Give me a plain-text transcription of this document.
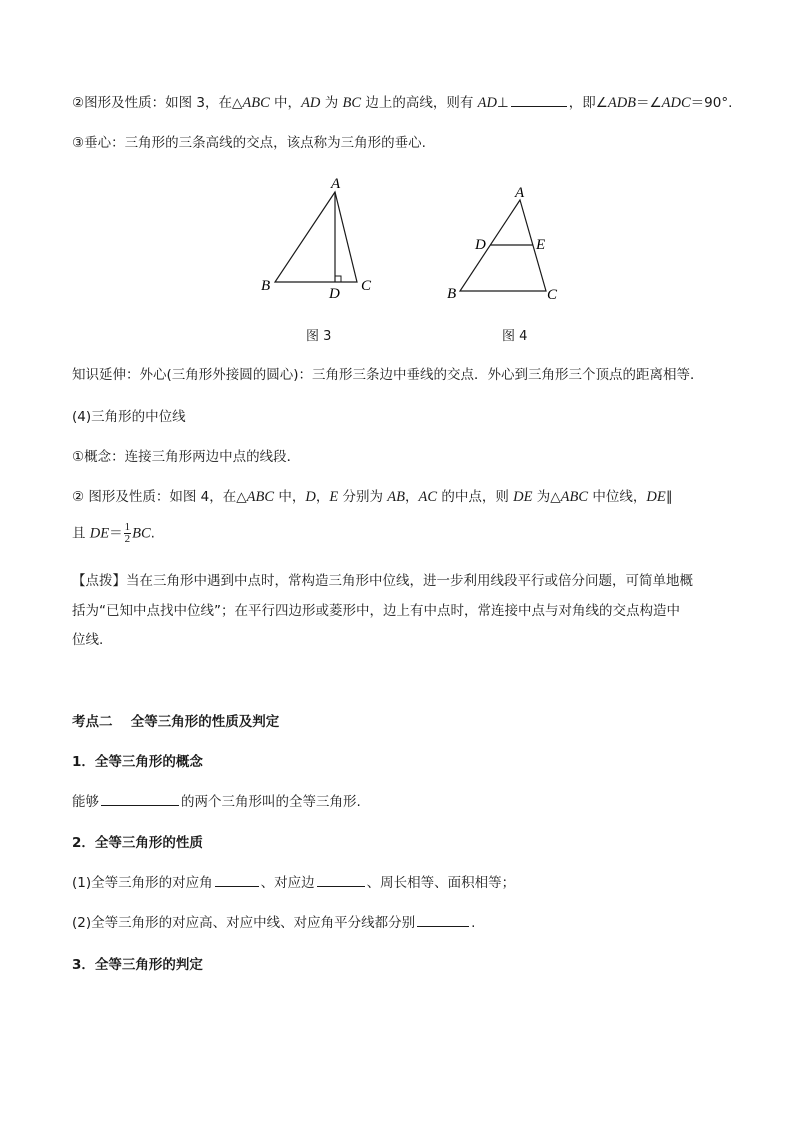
②图形及性质：如图 3，在△ABC 中，AD 为 BC 边上的高线，则有 AD⊥	，即∠ADB＝∠ADC＝90°.
③垂心：三角形的三条高线的交点，该点称为三角形的垂心.
A
B	C
D
图 3
A
B	C
D	E
图 4
知识延伸：外心(三角形外接圆的圆心)：三角形三条边中垂线的交点．外心到三角形三个顶点的距离相等．
(4)三角形的中位线
①概念：连接三角形两边中点的线段．
② 图形及性质：如图 4，在△ABC 中，D，E 分别为 AB，AC 的中点，则 DE 为△ABC 中位线，DE∥
且 $DE= \frac{1}{2}$ BC.
【点拨】当在三角形中遇到中点时，常构造三角形中位线，进一步利用线段平行或倍分问题，可简单地概
括为“已知中点找中位线”；在平行四边形或菱形中，边上有中点时，常连接中点与对角线的交点构造中
位线.
考点二　 全等三角形的性质及判定
1．全等三角形的概念
能够	的两个三角形叫的全等三角形.
2．全等三角形的性质
(1)全等三角形的对应角	、对应边	、周长相等、面积相等；
(2)全等三角形的对应高、对应中线、对应角平分线都分别	.
3．全等三角形的判定
